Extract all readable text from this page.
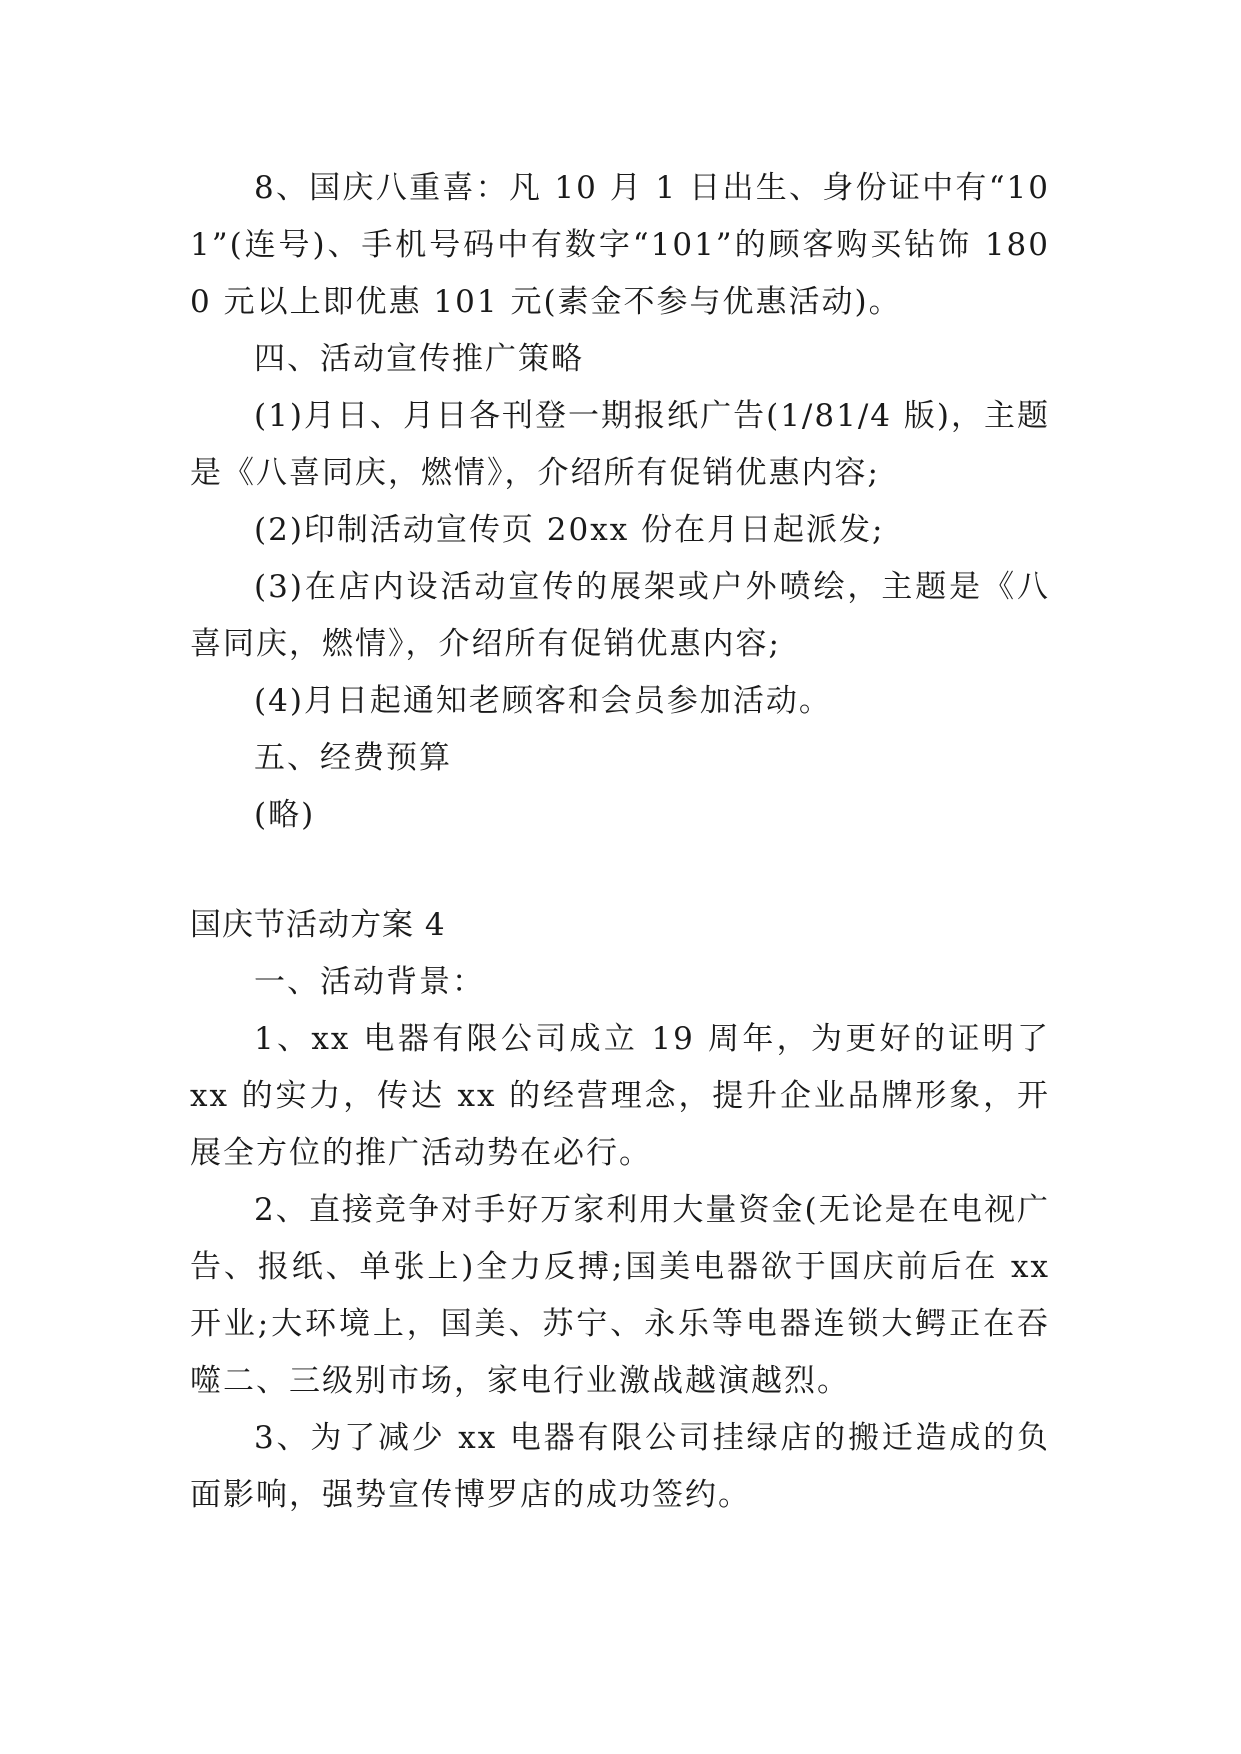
8、国庆八重喜：凡 10 月 1 日出生、身份证中有“101”(连号)、手机号码中有数字“101”的顾客购买钻饰 1800 元以上即优惠 101 元(素金不参与优惠活动)。

四、活动宣传推广策略

(1)月日、月日各刊登一期报纸广告(1/81/4 版)，主题是《八喜同庆，燃情》，介绍所有促销优惠内容;

(2)印制活动宣传页 20xx 份在月日起派发;

(3)在店内设活动宣传的展架或户外喷绘，主题是《八喜同庆，燃情》，介绍所有促销优惠内容;

(4)月日起通知老顾客和会员参加活动。

五、经费预算

(略)

国庆节活动方案 4

一、活动背景：

1、xx 电器有限公司成立 19 周年，为更好的证明了 xx 的实力，传达 xx 的经营理念，提升企业品牌形象，开展全方位的推广活动势在必行。

2、直接竞争对手好万家利用大量资金(无论是在电视广告、报纸、单张上)全力反搏;国美电器欲于国庆前后在 xx 开业;大环境上，国美、苏宁、永乐等电器连锁大鳄正在吞噬二、三级别市场，家电行业激战越演越烈。

3、为了减少 xx 电器有限公司挂绿店的搬迁造成的负面影响，强势宣传博罗店的成功签约。
